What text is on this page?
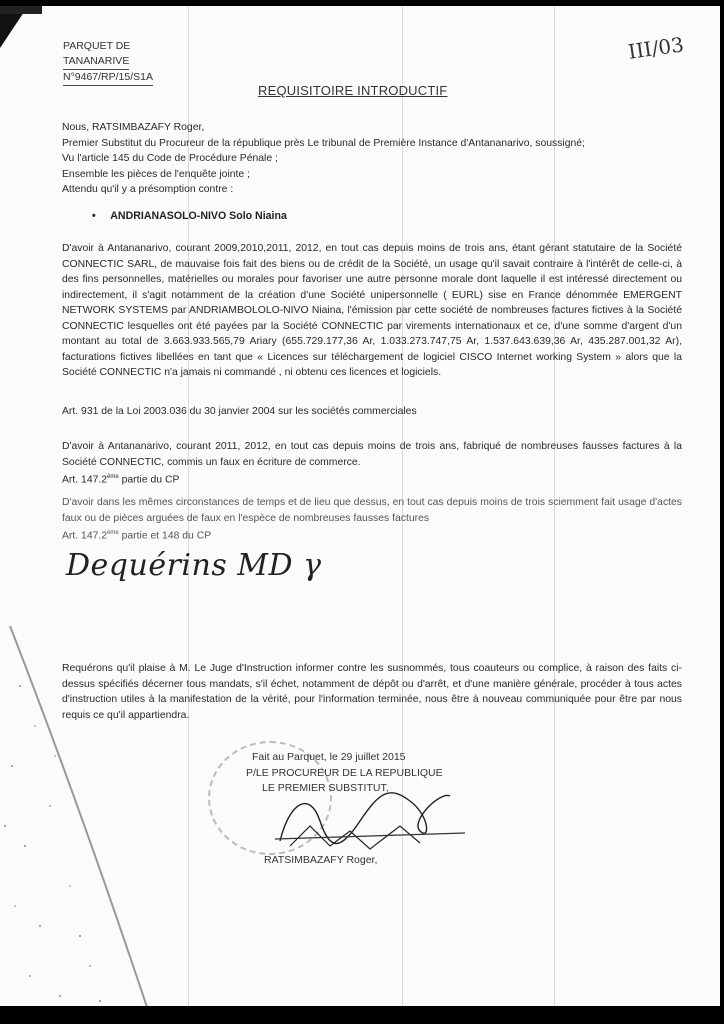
PARQUET DE
TANANARIVE
N°9467/RP/15/S1A
III/03
REQUISITOIRE INTRODUCTIF
Nous, RATSIMBAZAFY Roger,
Premier Substitut du Procureur de la république près Le tribunal de Première Instance d'Antananarivo, soussigné;
Vu l'article 145 du Code de Procédure Pénale ;
Ensemble les pièces de l'enquête jointe ;
Attendu qu'il y a présomption contre :
• ANDRIANASOLO-NIVO Solo Niaina
D'avoir à Antananarivo, courant 2009,2010,2011, 2012, en tout cas depuis moins de trois ans, étant gérant statutaire de la Société CONNECTIC SARL, de mauvaise fois fait des biens ou de crédit de la Société, un usage qu'il savait contraire à l'intérêt de celle-ci, à des fins personnelles, matérielles ou morales pour favoriser une autre personne morale dont laquelle il est intéressé directement ou indirectement, il s'agit notamment de la création d'une Société unipersonnelle ( EURL) sise en France dénommée EMERGENT NETWORK SYSTEMS par ANDRIAMBOLOLO-NIVO Niaina, l'émission par cette société de nombreuses factures fictives à la Société CONNECTIC lesquelles ont été payées par la Société CONNECTIC par virements internationaux et ce, d'une somme d'argent d'un montant au total de 3.663.933.565,79 Ariary (655.729.177,36 Ar, 1.033.273.747,75 Ar, 1.537.643.639,36 Ar, 435.287.001,32 Ar), facturations fictives libellées en tant que « Licences sur téléchargement de logiciel CISCO Internet working System » alors que la Société CONNECTIC n'a jamais ni commandé , ni obtenu ces licences et logiciels.
Art. 931 de la Loi 2003.036 du 30 janvier 2004 sur les sociétés commerciales
D'avoir à Antananarivo, courant 2011, 2012, en tout cas depuis moins de trois ans, fabriqué de nombreuses fausses factures à la Société CONNECTIC, commis un faux en écriture de commerce.
Art. 147.2ème partie du CP
D'avoir dans les mêmes circonstances de temps et de lieu que dessus, en tout cas depuis moins de trois sciemment fait usage d'actes faux ou de pièces arguées de faux en l'espèce de nombreuses fausses factures
Art. 147.2ème partie et 148 du CP
Dequérins MD γ
Requérons qu'il plaise à M. Le Juge d'Instruction informer contre les susnommés, tous coauteurs ou complice, à raison des faits ci-dessus spécifiés décerner tous mandats, s'il échet, notamment de dépôt ou d'arrêt, et d'une manière générale, procéder à tous actes d'instruction utiles à la manifestation de la vérité, pour l'information terminée, nous être à nouveau communiquée pour être par nous requis ce qu'il appartiendra.
Fait au Parquet, le 29 juillet 2015
P/LE PROCUREUR DE LA REPUBLIQUE
LE PREMIER SUBSTITUT,
RATSIMBAZAFY Roger,
